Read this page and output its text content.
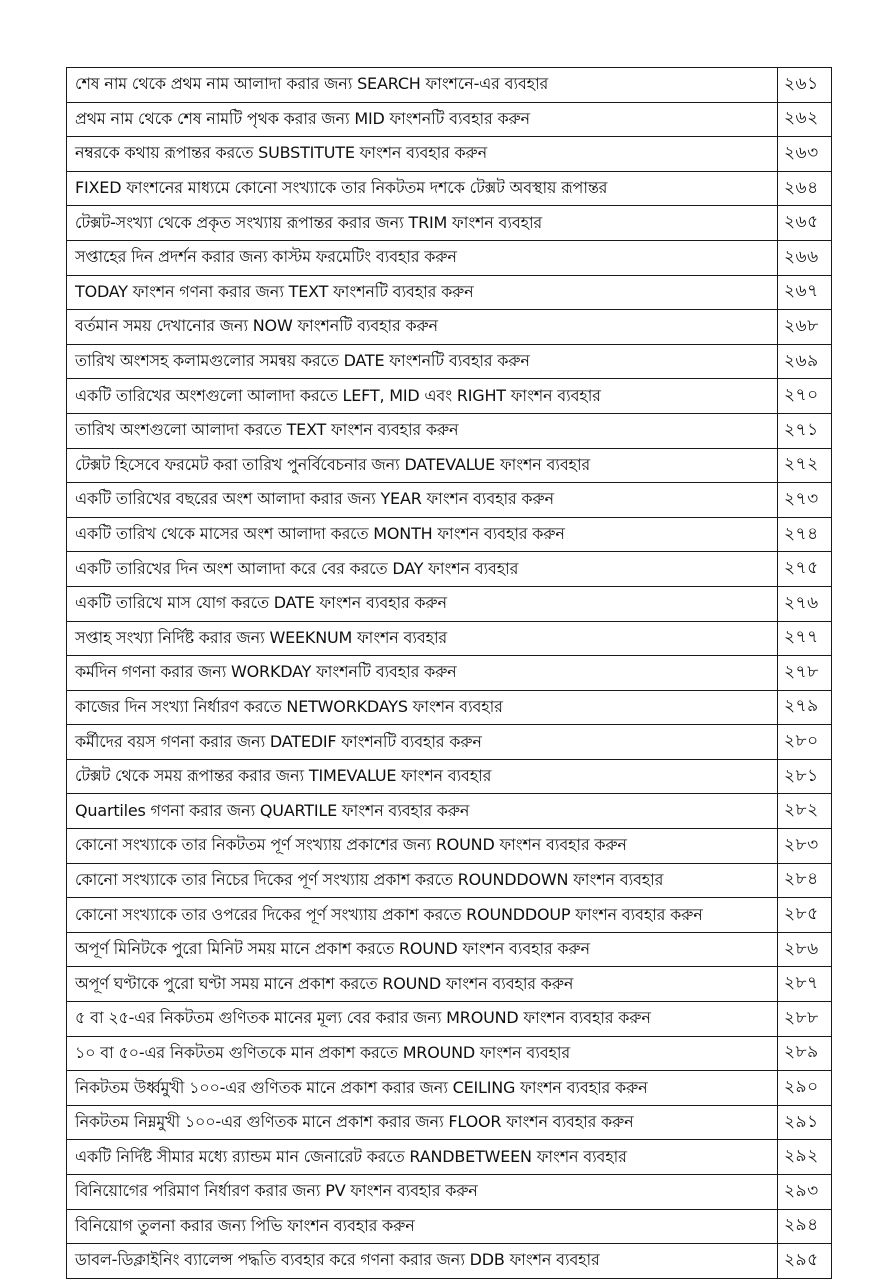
শেষ নাম থেকে প্রথম নাম আলাদা করার জন্য SEARCH ফাংশনে-এর ব্যবহার	২৬১
প্রথম নাম থেকে শেষ নামটি পৃথক করার জন্য MID ফাংশনটি ব্যবহার করুন	২৬২
নম্বরকে কথায় রূপান্তর করতে SUBSTITUTE ফাংশন ব্যবহার করুন	২৬৩
FIXED ফাংশনের মাধ্যমে কোনো সংখ্যাকে তার নিকটতম দশকে টেক্সট অবস্থায় রূপান্তর	২৬৪
টেক্সট-সংখ্যা থেকে প্রকৃত সংখ্যায় রূপান্তর করার জন্য TRIM ফাংশন ব্যবহার	২৬৫
সপ্তাহের দিন প্রদর্শন করার জন্য কাস্টম ফরমেটিং ব্যবহার করুন	২৬৬
TODAY ফাংশন গণনা করার জন্য TEXT ফাংশনটি ব্যবহার করুন	২৬৭
বর্তমান সময় দেখানোর জন্য NOW ফাংশনটি ব্যবহার করুন	২৬৮
তারিখ অংশসহ কলামগুলোর সমন্বয় করতে DATE ফাংশনটি ব্যবহার করুন	২৬৯
একটি তারিখের অংশগুলো আলাদা করতে LEFT, MID এবং RIGHT ফাংশন ব্যবহার	২৭০
তারিখ অংশগুলো আলাদা করতে TEXT ফাংশন ব্যবহার করুন	২৭১
টেক্সট হিসেবে ফরমেট করা তারিখ পুনর্বিবেচনার জন্য DATEVALUE ফাংশন ব্যবহার	২৭২
একটি তারিখের বছরের অংশ আলাদা করার জন্য YEAR ফাংশন ব্যবহার করুন	২৭৩
একটি তারিখ থেকে মাসের অংশ আলাদা করতে MONTH ফাংশন ব্যবহার করুন	২৭৪
একটি তারিখের দিন অংশ আলাদা করে বের করতে DAY ফাংশন ব্যবহার	২৭৫
একটি তারিখে মাস যোগ করতে DATE ফাংশন ব্যবহার করুন	২৭৬
সপ্তাহ সংখ্যা নির্দিষ্ট করার জন্য WEEKNUM ফাংশন ব্যবহার	২৭৭
কর্মদিন গণনা করার জন্য WORKDAY ফাংশনটি ব্যবহার করুন	২৭৮
কাজের দিন সংখ্যা নির্ধারণ করতে NETWORKDAYS ফাংশন ব্যবহার	২৭৯
কর্মীদের বয়স গণনা করার জন্য DATEDIF ফাংশনটি ব্যবহার করুন	২৮০
টেক্সট থেকে সময় রূপান্তর করার জন্য TIMEVALUE ফাংশন ব্যবহার	২৮১
Quartiles গণনা করার জন্য QUARTILE ফাংশন ব্যবহার করুন	২৮২
কোনো সংখ্যাকে তার নিকটতম পূর্ণ সংখ্যায় প্রকাশের জন্য ROUND ফাংশন ব্যবহার করুন	২৮৩
কোনো সংখ্যাকে তার নিচের দিকের পূর্ণ সংখ্যায় প্রকাশ করতে ROUNDDOWN ফাংশন ব্যবহার	২৮৪
কোনো সংখ্যাকে তার ওপরের দিকের পূর্ণ সংখ্যায় প্রকাশ করতে ROUNDDOUP ফাংশন ব্যবহার করুন	২৮৫
অপূর্ণ মিনিটকে পুরো মিনিট সময় মানে প্রকাশ করতে ROUND ফাংশন ব্যবহার করুন	২৮৬
অপূর্ণ ঘণ্টাকে পুরো ঘণ্টা সময় মানে প্রকাশ করতে ROUND ফাংশন ব্যবহার করুন	২৮৭
৫ বা ২৫-এর নিকটতম গুণিতক মানের মূল্য বের করার জন্য MROUND ফাংশন ব্যবহার করুন	২৮৮
১০ বা ৫০-এর নিকটতম গুণিতকে মান প্রকাশ করতে MROUND ফাংশন ব্যবহার	২৮৯
নিকটতম উর্ধ্বমুখী ১০০-এর গুণিতক মানে প্রকাশ করার জন্য CEILING ফাংশন ব্যবহার করুন	২৯০
নিকটতম নিম্নমুখী ১০০-এর গুণিতক মানে প্রকাশ করার জন্য FLOOR ফাংশন ব্যবহার করুন	২৯১
একটি নির্দিষ্ট সীমার মধ্যে র‌্যান্ডম মান জেনারেট করতে RANDBETWEEN ফাংশন ব্যবহার	২৯২
বিনিয়োগের পরিমাণ নির্ধারণ করার জন্য PV ফাংশন ব্যবহার করুন	২৯৩
বিনিয়োগ তুলনা করার জন্য পিভি ফাংশন ব্যবহার করুন	২৯৪
ডাবল-ডিক্লাইনিং ব্যালেন্স পদ্ধতি ব্যবহার করে গণনা করার জন্য DDB ফাংশন ব্যবহার	২৯৫
